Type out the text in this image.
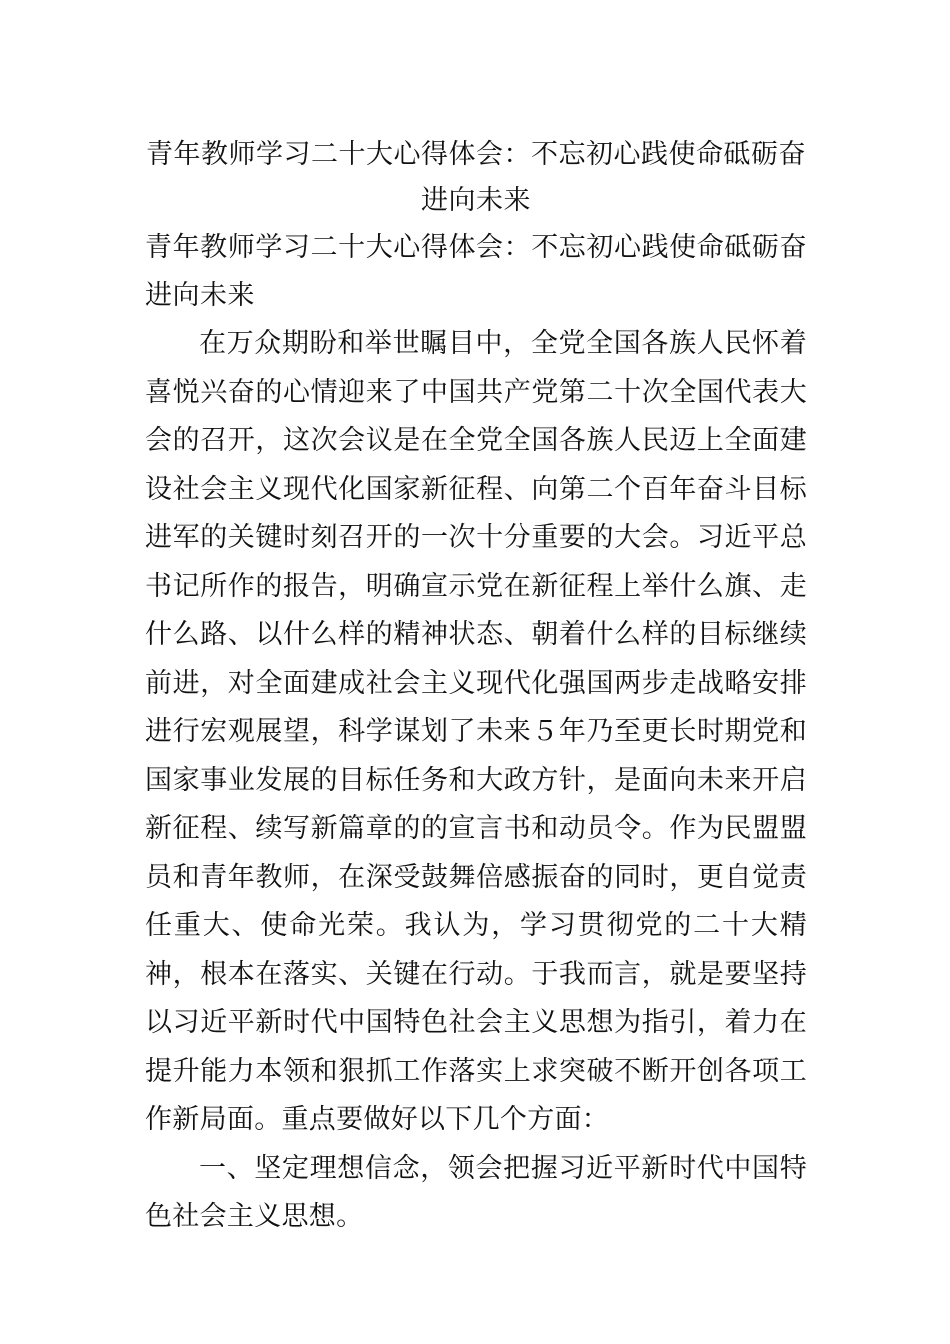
青年教师学习二十大心得体会：不忘初心践使命砥砺奋进向未来

青年教师学习二十大心得体会：不忘初心践使命砥砺奋进向未来

在万众期盼和举世瞩目中，全党全国各族人民怀着喜悦兴奋的心情迎来了中国共产党第二十次全国代表大会的召开，这次会议是在全党全国各族人民迈上全面建设社会主义现代化国家新征程、向第二个百年奋斗目标进军的关键时刻召开的一次十分重要的大会。习近平总书记所作的报告，明确宣示党在新征程上举什么旗、走什么路、以什么样的精神状态、朝着什么样的目标继续前进，对全面建成社会主义现代化强国两步走战略安排进行宏观展望，科学谋划了未来５年乃至更长时期党和国家事业发展的目标任务和大政方针，是面向未来开启新征程、续写新篇章的的宣言书和动员令。作为民盟盟员和青年教师，在深受鼓舞倍感振奋的同时，更自觉责任重大、使命光荣。我认为，学习贯彻党的二十大精神，根本在落实、关键在行动。于我而言，就是要坚持以习近平新时代中国特色社会主义思想为指引，着力在提升能力本领和狠抓工作落实上求突破不断开创各项工作新局面。重点要做好以下几个方面：

一、坚定理想信念，领会把握习近平新时代中国特色社会主义思想。
